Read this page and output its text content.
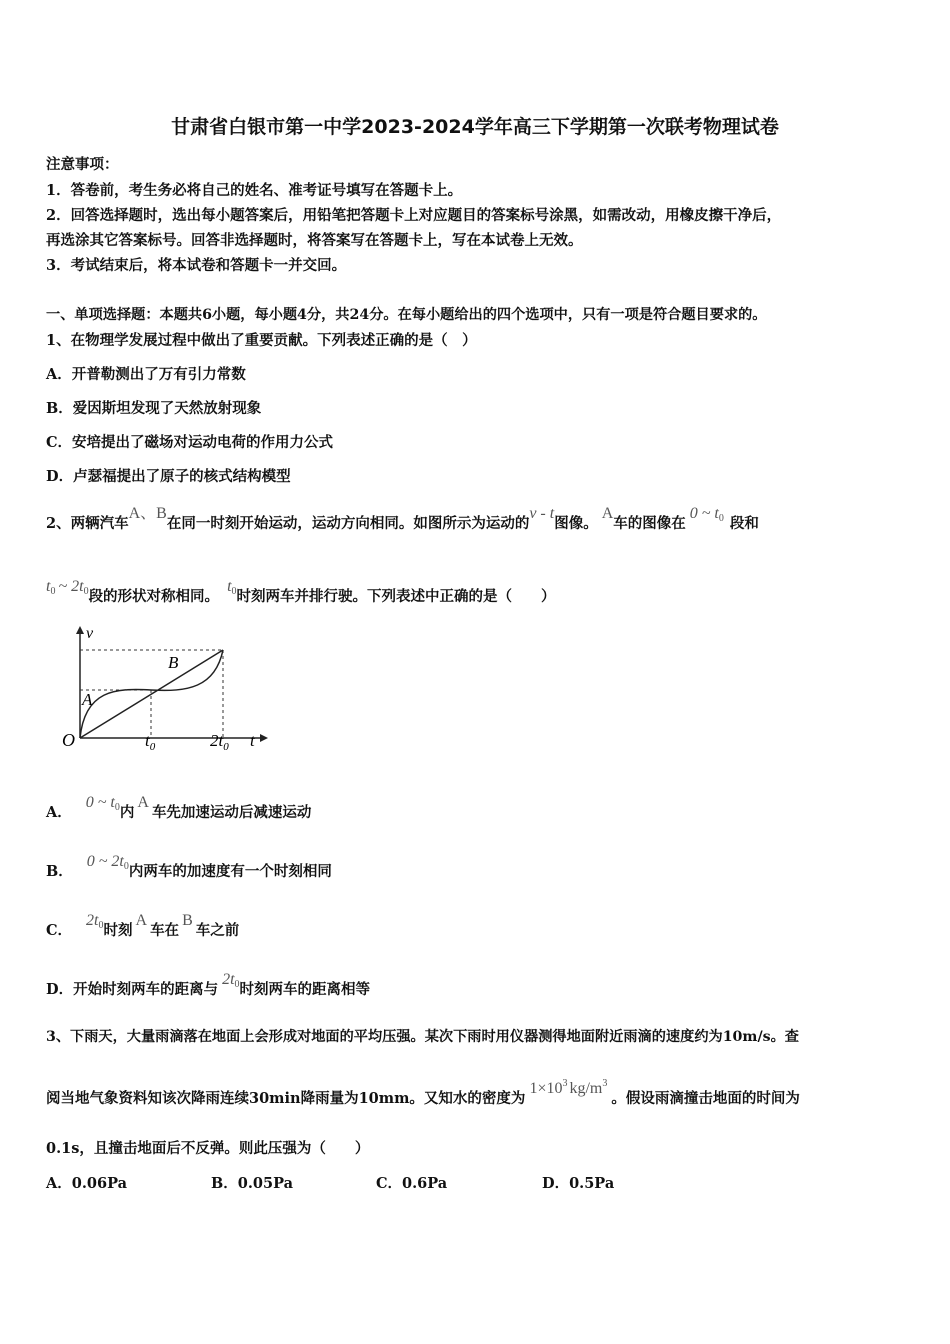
甘肃省白银市第一中学2023-2024学年高三下学期第一次联考物理试卷
注意事项：
1．答卷前，考生务必将自己的姓名、准考证号填写在答题卡上。
2．回答选择题时，选出每小题答案后，用铅笔把答题卡上对应题目的答案标号涂黑，如需改动，用橡皮擦干净后，
再选涂其它答案标号。回答非选择题时，将答案写在答题卡上，写在本试卷上无效。
3．考试结束后，将本试卷和答题卡一并交回。
一、单项选择题：本题共6小题，每小题4分，共24分。在每小题给出的四个选项中，只有一项是符合题目要求的。
1、在物理学发展过程中做出了重要贡献。下列表述正确的是（　）
A．开普勒测出了万有引力常数
B．爱因斯坦发现了天然放射现象
C．安培提出了磁场对运动电荷的作用力公式
D．卢瑟福提出了原子的核式结构模型
2、两辆汽车A、B在同一时刻开始运动，运动方向相同。如图所示为运动的v - t图像。A车的图像在0 ~ $t^0$ 段和
$t^0$ ~ $2t^0$段的形状对称相同。$t^0$时刻两车并排行驶。下列表述中正确的是（　　）
v
O
B
A
t
$t_0$	$2t_0$
A．0 ~ $t^0$内A车先加速运动后减速运动
B．0 ~ $2t^0$内两车的加速度有一个时刻相同
C．$2t^0$时刻A车在B车之前
D．开始时刻两车的距离与$2t^0$时刻两车的距离相等
3、下雨天，大量雨滴落在地面上会形成对地面的平均压强。某次下雨时用仪器测得地面附近雨滴的速度约为10m/s。查
阅当地气象资料知该次降雨连续30min降雨量为10mm。又知水的密度为$1\times 10^3$ $kg/m^3$。假设雨滴撞击地面的时间为
0.1s，且撞击地面后不反弹。则此压强为（　　）
A．0.06Pa	B．0.05Pa	C．0.6Pa	D．0.5Pa
